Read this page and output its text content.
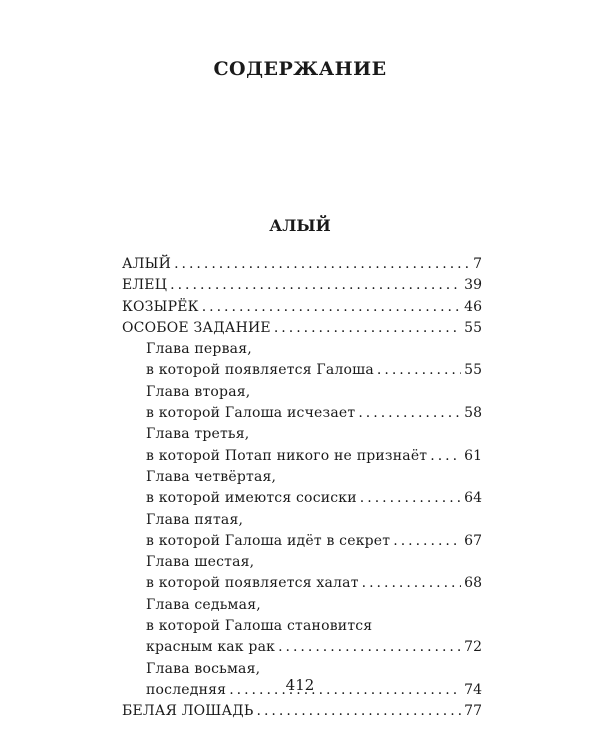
СОДЕРЖАНИЕ
АЛЫЙ
АЛЫЙ .....	7
ЕЛЕЦ .....	39
КОЗЫРЁК .....	46
ОСОБОЕ ЗАДАНИЕ .....	55
Глава первая,
в которой появляется Галоша .....	55
Глава вторая,
в которой Галоша исчезает .....	58
Глава третья,
в которой Потап никого не признаёт .....	61
Глава четвёртая,
в которой имеются сосиски .....	64
Глава пятая,
в которой Галоша идёт в секрет .....	67
Глава шестая,
в которой появляется халат .....	68
Глава седьмая,
в которой Галоша становится
красным как рак .....	72
Глава восьмая,
последняя .....	74
БЕЛАЯ ЛОШАДЬ .....	77
412
